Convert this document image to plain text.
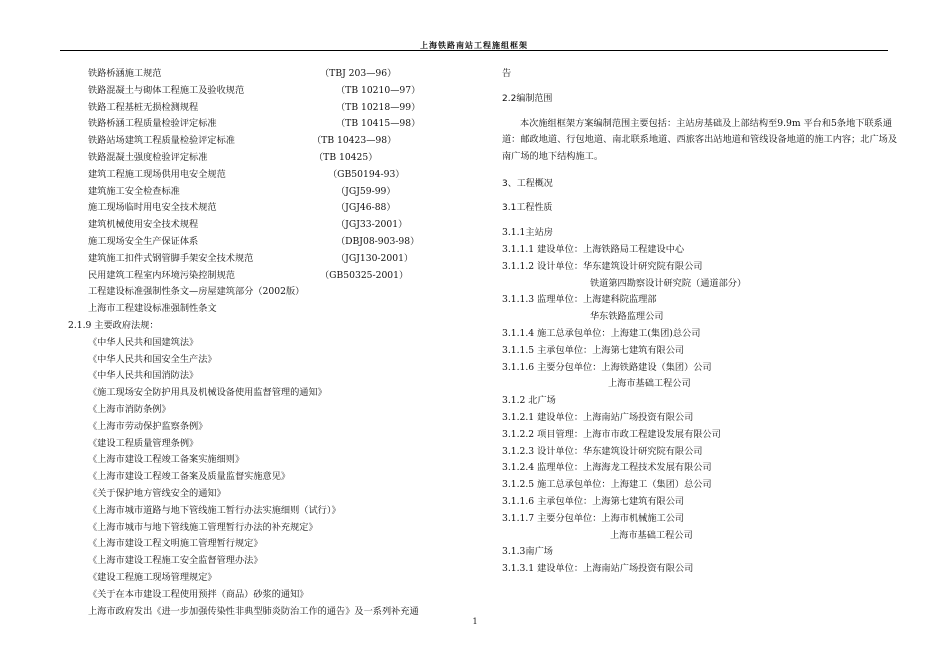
上海铁路南站工程施组框架
铁路桥涵施工规范	（TBJ 203—96）
铁路混凝土与砌体工程施工及验收规范	（TB 10210—97）
铁路工程基桩无损检测规程	（TB 10218—99）
铁路桥涵工程质量检验评定标准	（TB 10415—98）
铁路站场建筑工程质量检验评定标准	（TB 10423—98）
铁路混凝土强度检验评定标准	（TB 10425）
建筑工程施工现场供用电安全规范	（GB50194-93）
建筑施工安全检查标准	（JGJ59-99）
施工现场临时用电安全技术规范	（JGJ46-88）
建筑机械使用安全技术规程	（JGJ33-2001）
施工现场安全生产保证体系	（DBJ08-903-98）
建筑施工扣件式钢管脚手架安全技术规范	（JGJ130-2001）
民用建筑工程室内环境污染控制规范	（GB50325-2001）
工程建设标准强制性条文—房屋建筑部分（2002版）
上海市工程建设标准强制性条文
2.1.9 主要政府法规：
《中华人民共和国建筑法》
《中华人民共和国安全生产法》
《中华人民共和国消防法》
《施工现场安全防护用具及机械设备使用监督管理的通知》
《上海市消防条例》
《上海市劳动保护监察条例》
《建设工程质量管理条例》
《上海市建设工程竣工备案实施细则》
《上海市建设工程竣工备案及质量监督实施意见》
《关于保护地方管线安全的通知》
《上海市城市道路与地下管线施工暂行办法实施细则（试行）》
《上海市城市与地下管线施工管理暂行办法的补充规定》
《上海市建设工程文明施工管理暂行规定》
《上海市建设工程施工安全监督管理办法》
《建设工程施工现场管理规定》
《关于在本市建设工程使用预拌（商品）砂浆的通知》
上海市政府发出《进一步加强传染性非典型肺炎防治工作的通告》及一系列补充通
告
2.2编制范围
本次施组框架方案编制范围主要包括：主站房基础及上部结构至9.9m 平台和5条地下联系通道：邮政地道、行包地道、南北联系地道、西旅客出站地道和管线设备地道的施工内容；北广场及南广场的地下结构施工。
3、工程概况
3.1工程性质
3.1.1主站房
3.1.1.1 建设单位：上海铁路局工程建设中心
3.1.1.2 设计单位：华东建筑设计研究院有限公司
铁道第四勘察设计研究院（通道部分）
3.1.1.3 监理单位：上海建科院监理部
华东铁路监理公司
3.1.1.4 施工总承包单位：上海建工(集团)总公司
3.1.1.5 主承包单位：上海第七建筑有限公司
3.1.1.6 主要分包单位：上海铁路建设（集团）公司
上海市基础工程公司
3.1.2 北广场
3.1.2.1 建设单位：上海南站广场投资有限公司
3.1.2.2 项目管理：上海市市政工程建设发展有限公司
3.1.2.3 设计单位：华东建筑设计研究院有限公司
3.1.2.4 监理单位：上海海龙工程技术发展有限公司
3.1.2.5 施工总承包单位：上海建工（集团）总公司
3.1.1.6 主承包单位：上海第七建筑有限公司
3.1.1.7 主要分包单位：上海市机械施工公司
上海市基础工程公司
3.1.3南广场
3.1.3.1 建设单位：上海南站广场投资有限公司
1
